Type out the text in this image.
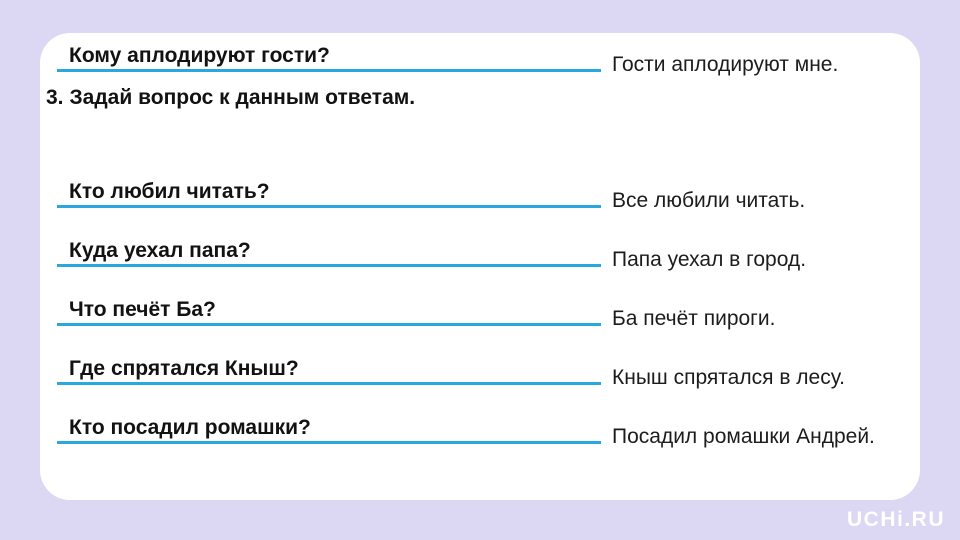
3. Задай вопрос к данным ответам.
Кто любил читать?	Все любили читать.
Куда уехал папа?	Папа уехал в город.
Что печёт Ба?	Ба печёт пироги.
Где спрятался Кныш?	Кныш спрятался в лесу.
Кто посадил ромашки?	Посадил ромашки Андрей.
Кому аплодируют гости?	Гости аплодируют мне.
UCHi.RU
